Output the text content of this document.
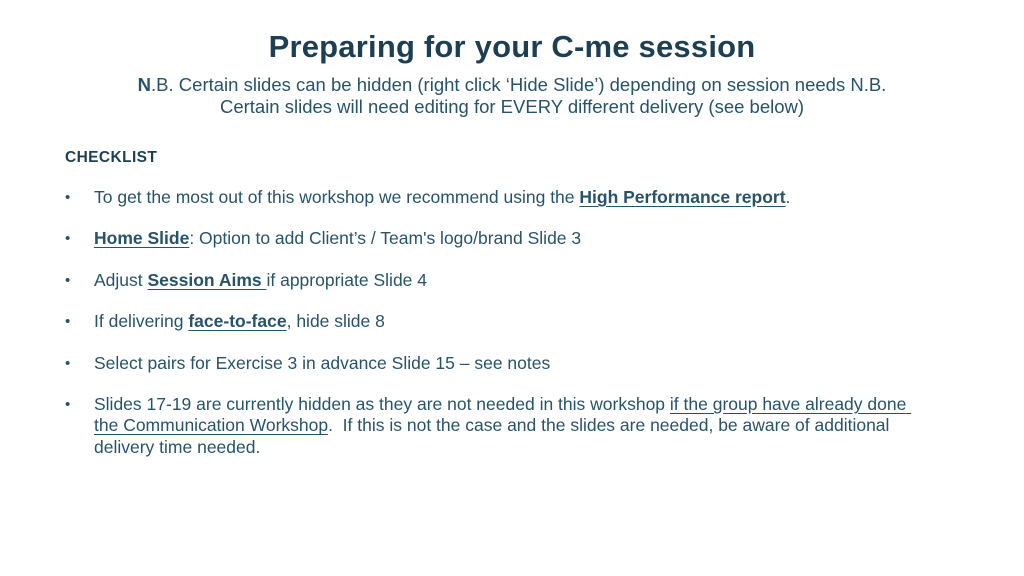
Preparing for your C-me session
N.B. Certain slides can be hidden (right click ‘Hide Slide’) depending on session needs N.B.
Certain slides will need editing for EVERY different delivery (see below)
CHECKLIST
•	To get the most out of this workshop we recommend using the High Performance report.
•	Home Slide: Option to add Client’s / Team's logo/brand Slide 3
•	Adjust Session Aims if appropriate Slide 4
•	If delivering face-to-face, hide slide 8
•	Select pairs for Exercise 3 in advance Slide 15 – see notes
•	Slides 17-19 are currently hidden as they are not needed in this workshop if the group have already done the Communication Workshop.  If this is not the case and the slides are needed, be aware of additional delivery time needed.
